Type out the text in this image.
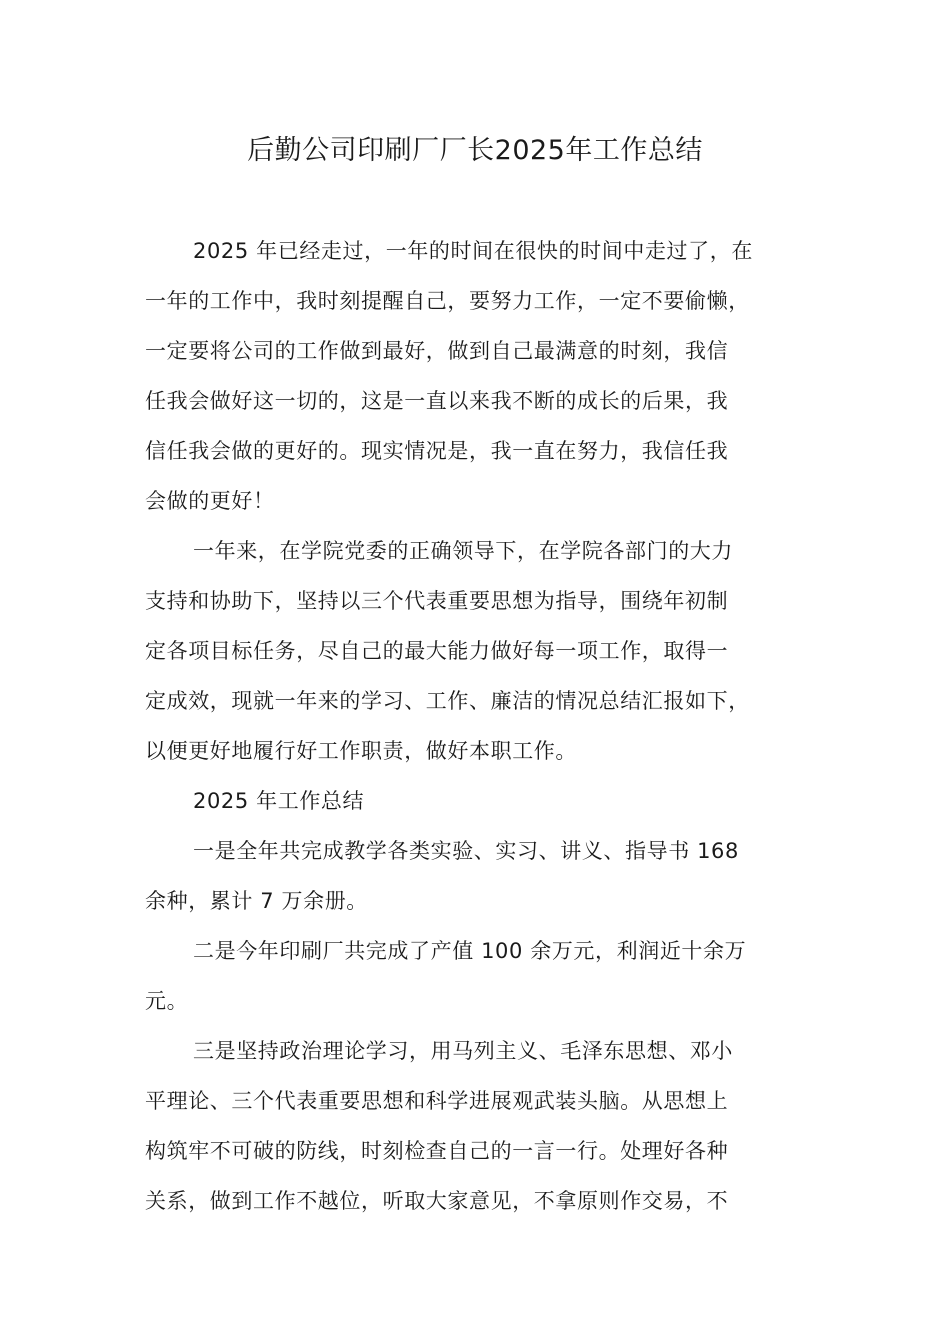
后勤公司印刷厂厂长2025年工作总结

2025 年已经走过，一年的时间在很快的时间中走过了，在
一年的工作中，我时刻提醒自己，要努力工作，一定不要偷懒，
一定要将公司的工作做到最好，做到自己最满意的时刻，我信
任我会做好这一切的，这是一直以来我不断的成长的后果，我
信任我会做的更好的。现实情况是，我一直在努力，我信任我
会做的更好！

一年来，在学院党委的正确领导下，在学院各部门的大力
支持和协助下，坚持以三个代表重要思想为指导，围绕年初制
定各项目标任务，尽自己的最大能力做好每一项工作，取得一
定成效，现就一年来的学习、工作、廉洁的情况总结汇报如下，
以便更好地履行好工作职责，做好本职工作。

2025 年工作总结

一是全年共完成教学各类实验、实习、讲义、指导书 168
余种，累计 7 万余册。

二是今年印刷厂共完成了产值 100 余万元，利润近十余万
元。

三是坚持政治理论学习，用马列主义、毛泽东思想、邓小
平理论、三个代表重要思想和科学进展观武装头脑。从思想上
构筑牢不可破的防线，时刻检查自己的一言一行。处理好各种
关系，做到工作不越位，听取大家意见，不拿原则作交易，不
